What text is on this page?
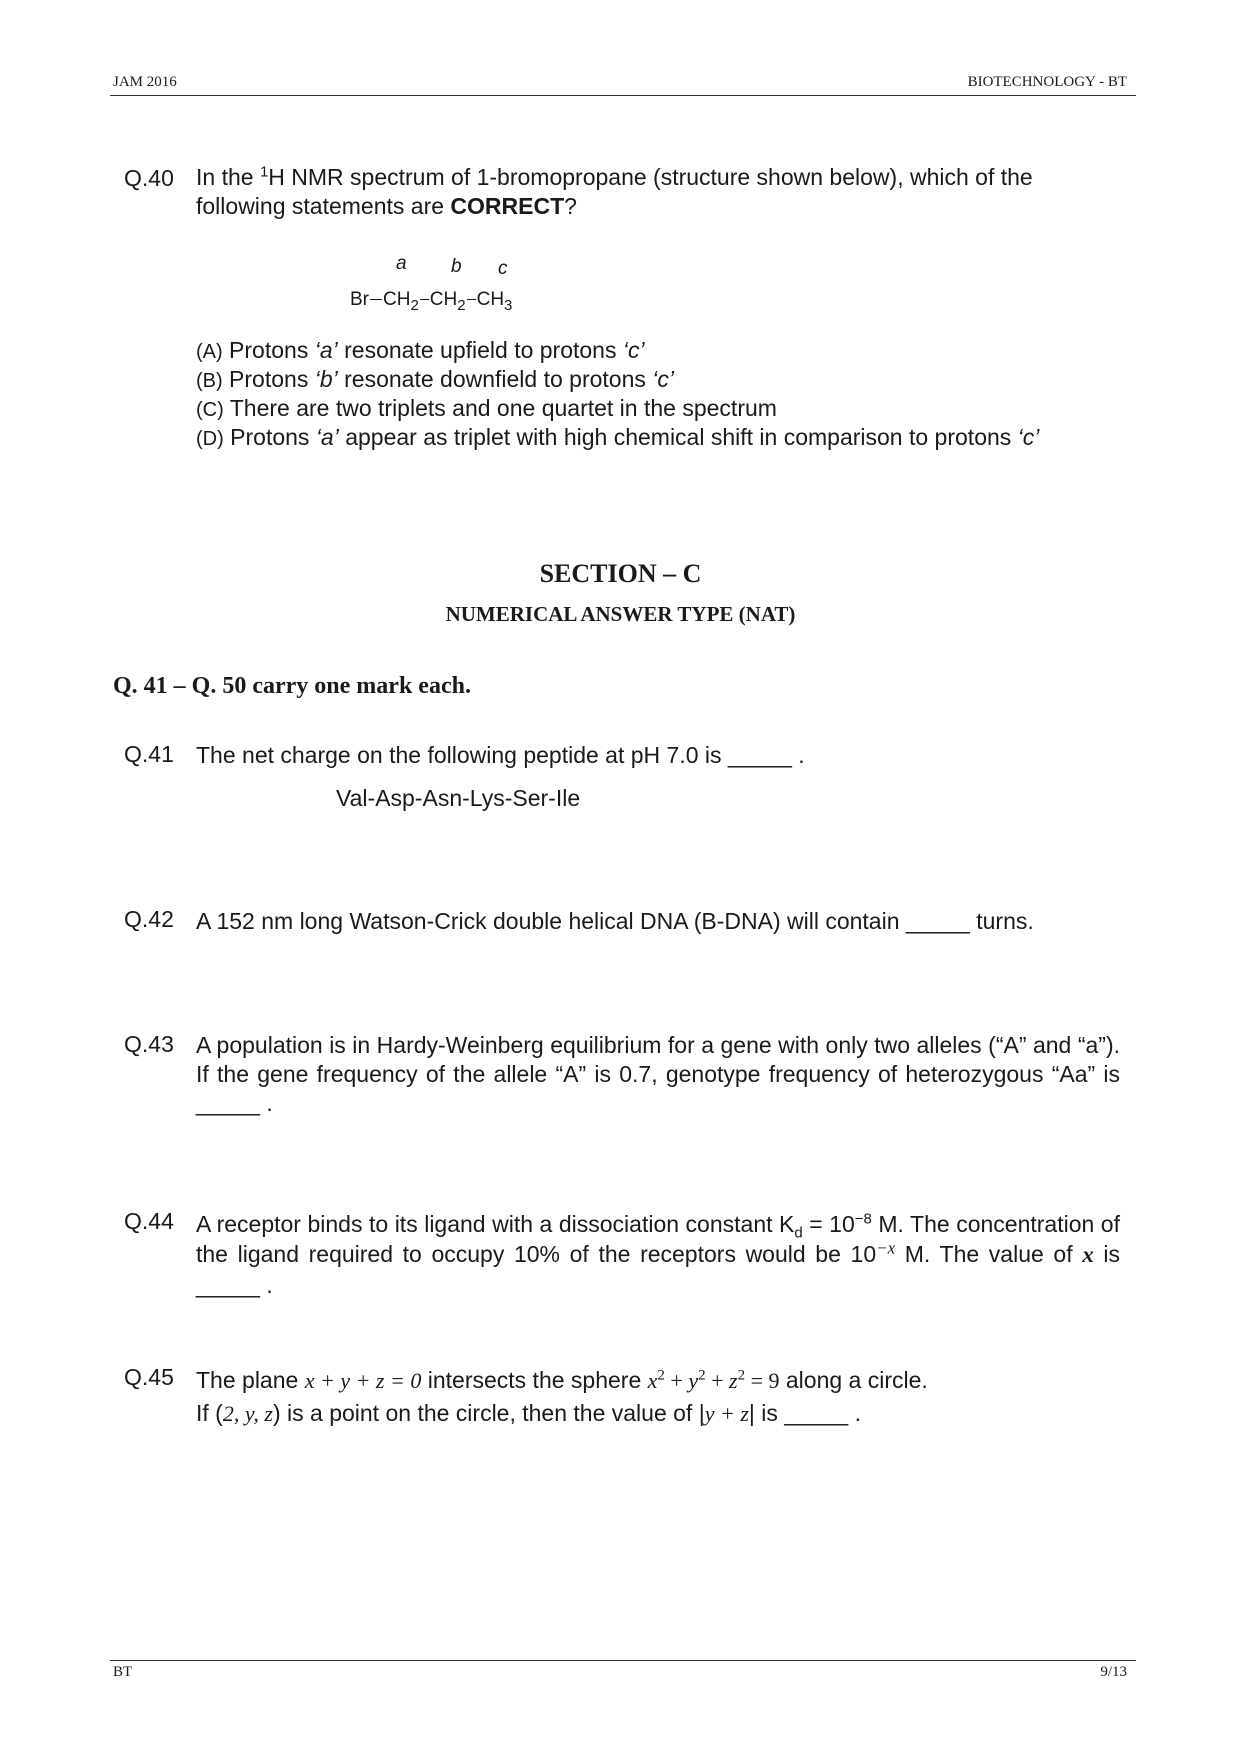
JAM 2016	BIOTECHNOLOGY - BT
Q.40 In the $^1$H NMR spectrum of 1-bromopropane (structure shown below), which of the following statements are CORRECT?
a b c
Br $CH_2$ $CH_2$ $CH_3$
(A) Protons ‘a’ resonate upfield to protons ‘c’
(B) Protons ‘b’ resonate downfield to protons ‘c’
(C) There are two triplets and one quartet in the spectrum
(D) Protons ‘a’ appear as triplet with high chemical shift in comparison to protons ‘c’
SECTION – C
NUMERICAL ANSWER TYPE (NAT)
Q. 41 – Q. 50 carry one mark each.
Q.41 The net charge on the following peptide at pH 7.0 is _____ .
Val-Asp-Asn-Lys-Ser-Ile
Q.42 A 152 nm long Watson-Crick double helical DNA (B-DNA) will contain _____ turns.
Q.43 A population is in Hardy-Weinberg equilibrium for a gene with only two alleles (“A” and “a”). If the gene frequency of the allele “A” is 0.7, genotype frequency of heterozygous “Aa” is _____ .
Q.44 A receptor binds to its ligand with a dissociation constant $K_d = 10^{-8}$ M. The concentration of the ligand required to occupy 10% of the receptors would be $10^{-x}$ M. The value of x is _____ .
Q.45 The plane x + y + z = 0 intersects the sphere $x^2 + y^2 + z^2 = 9$ along a circle.
If (2, y, z) is a point on the circle, then the value of |y + z| is _____ .
BT	9/13
